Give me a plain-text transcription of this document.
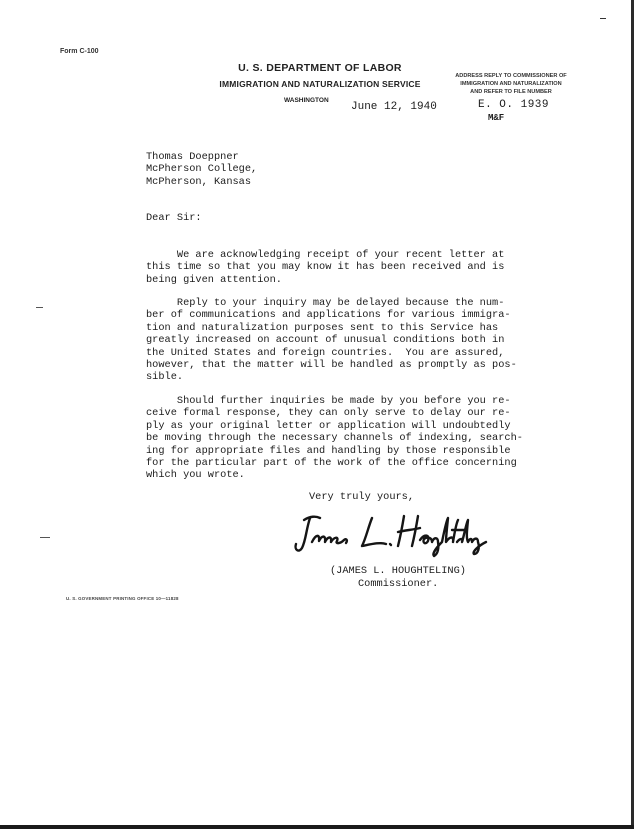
Form C-100
U. S. DEPARTMENT OF LABOR
IMMIGRATION AND NATURALIZATION SERVICE
WASHINGTON
ADDRESS REPLY TO COMMISSIONER OF
IMMIGRATION AND NATURALIZATION
AND REFER TO FILE NUMBER
June 12, 1940	E. O. 1939
M&F
Thomas Doeppner
McPherson College,
McPherson, Kansas
Dear Sir:
We are acknowledging receipt of your recent letter at
this time so that you may know it has been received and is
being given attention.
Reply to your inquiry may be delayed because the num-
ber of communications and applications for various immigra-
tion and naturalization purposes sent to this Service has
greatly increased on account of unusual conditions both in
the United States and foreign countries.  You are assured,
however, that the matter will be handled as promptly as pos-
sible.
Should further inquiries be made by you before you re-
ceive formal response, they can only serve to delay our re-
ply as your original letter or application will undoubtedly
be moving through the necessary channels of indexing, search-
ing for appropriate files and handling by those responsible
for the particular part of the work of the office concerning
which you wrote.
Very truly yours,
(JAMES L. HOUGHTELING)
Commissioner.
U. S. GOVERNMENT PRINTING OFFICE 10—11828
